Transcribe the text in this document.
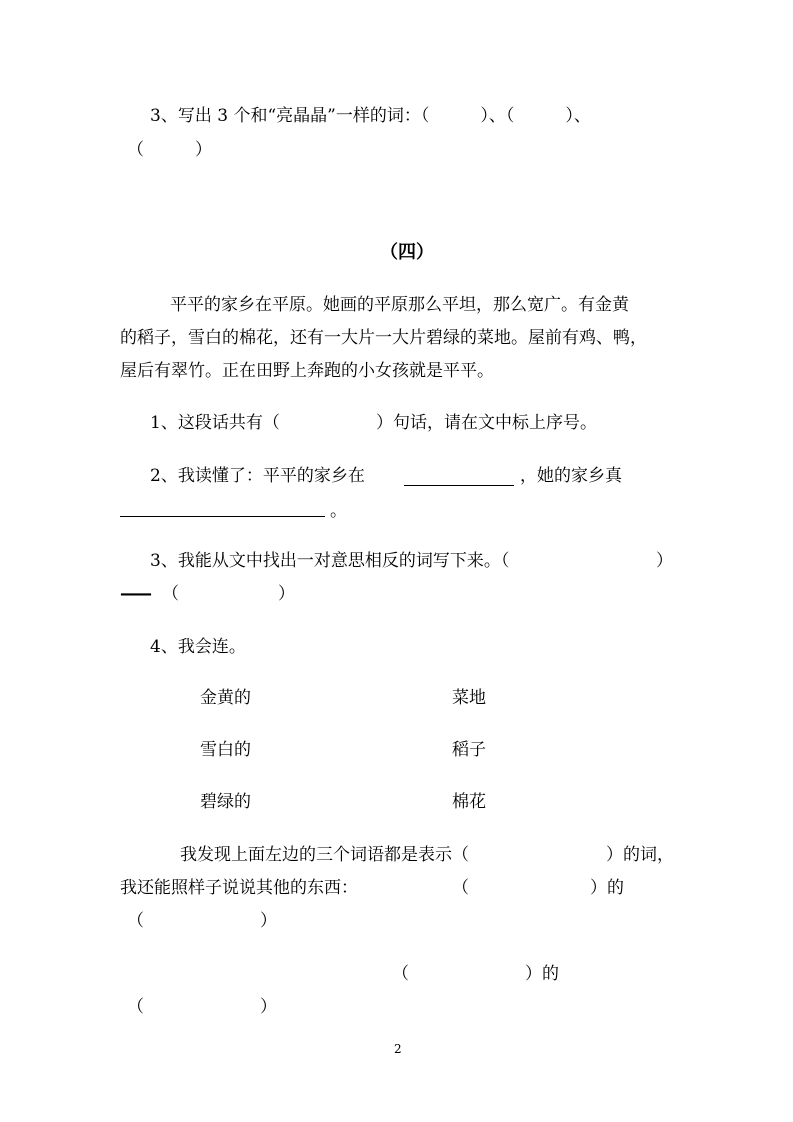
3、写出 3 个和“亮晶晶”一样的词：（　　　）、（　　　）、
（　　　）
（四）
平平的家乡在平原。她画的平原那么平坦，那么宽广。有金黄
的稻子，雪白的棉花，还有一大片一大片碧绿的菜地。屋前有鸡、鸭，
屋后有翠竹。正在田野上奔跑的小女孩就是平平。
1、这段话共有（	）句话，请在文中标上序号。
2、我读懂了：平平的家乡在	，她的家乡真
。
3、我能从文中找出一对意思相反的词写下来。（	）
—— （	）
4、我会连。
金黄的	菜地
雪白的	稻子
碧绿的	棉花
我发现上面左边的三个词语都是表示（	）的词，
我还能照样子说说其他的东西：	（	）的
（	）
（	）的
（	）
2
